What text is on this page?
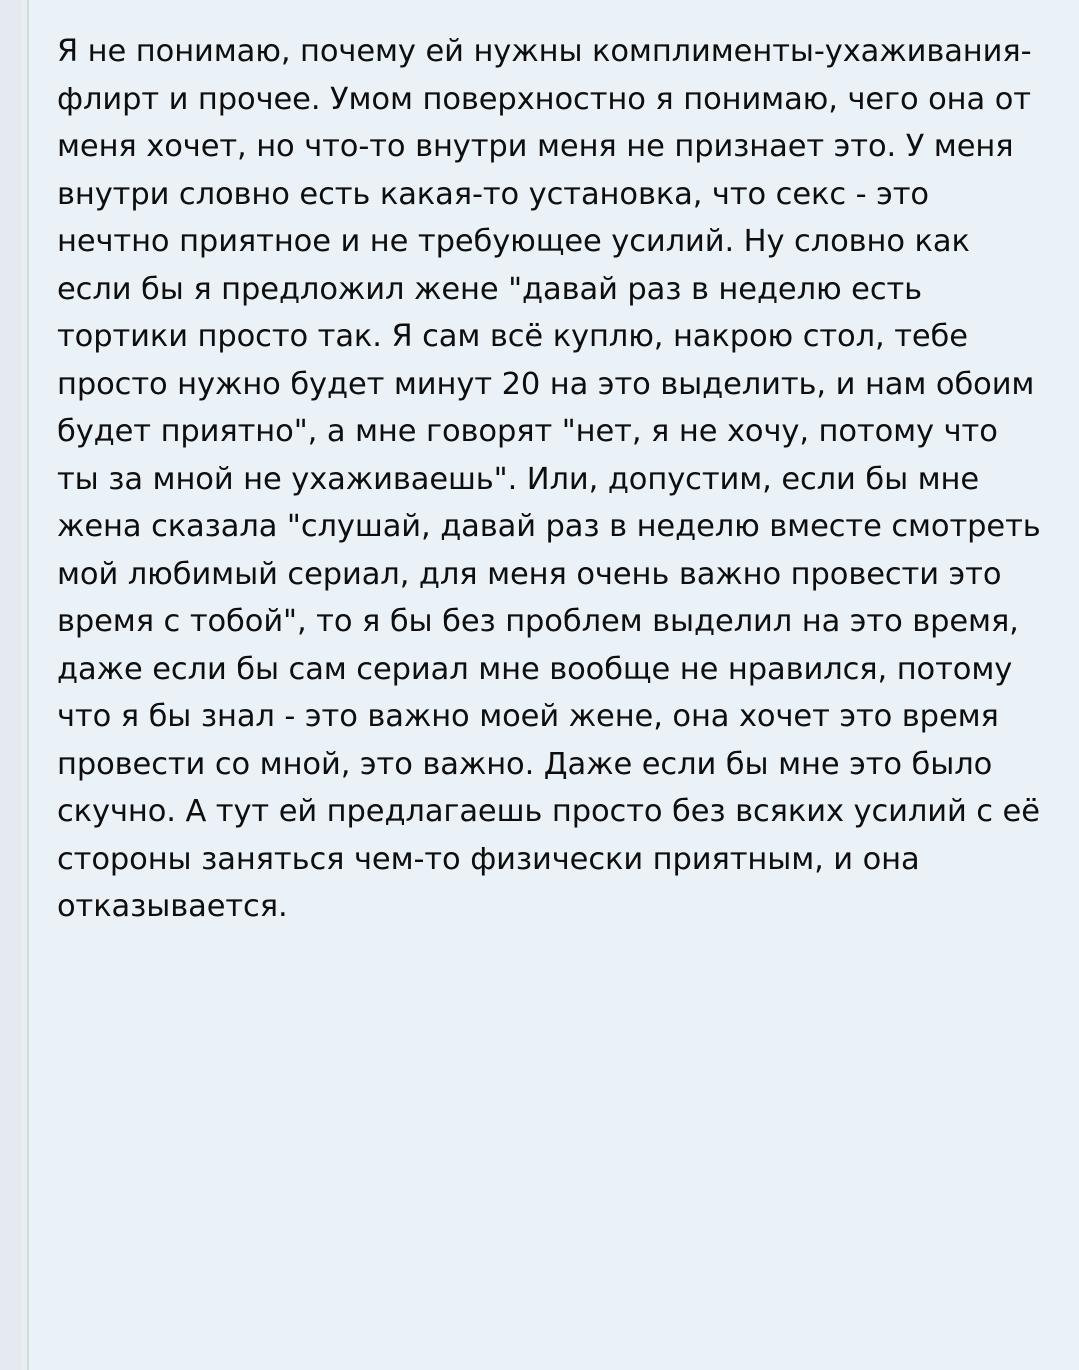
Я не понимаю, почему ей нужны комплименты-ухаживания-флирт и прочее. Умом поверхностно я понимаю, чего она от меня хочет, но что-то внутри меня не признает это. У меня внутри словно есть какая-то установка, что секс - это нечтно приятное и не требующее усилий. Ну словно как если бы я предложил жене "давай раз в неделю есть тортики просто так. Я сам всё куплю, накрою стол, тебе просто нужно будет минут 20 на это выделить, и нам обоим будет приятно", а мне говорят "нет, я не хочу, потому что ты за мной не ухаживаешь". Или, допустим, если бы мне жена сказала "слушай, давай раз в неделю вместе смотреть мой любимый сериал, для меня очень важно провести это время с тобой", то я бы без проблем выделил на это время, даже если бы сам сериал мне вообще не нравился, потому что я бы знал - это важно моей жене, она хочет это время провести со мной, это важно. Даже если бы мне это было скучно. А тут ей предлагаешь просто без всяких усилий с её стороны заняться чем-то физически приятным, и она отказывается.
